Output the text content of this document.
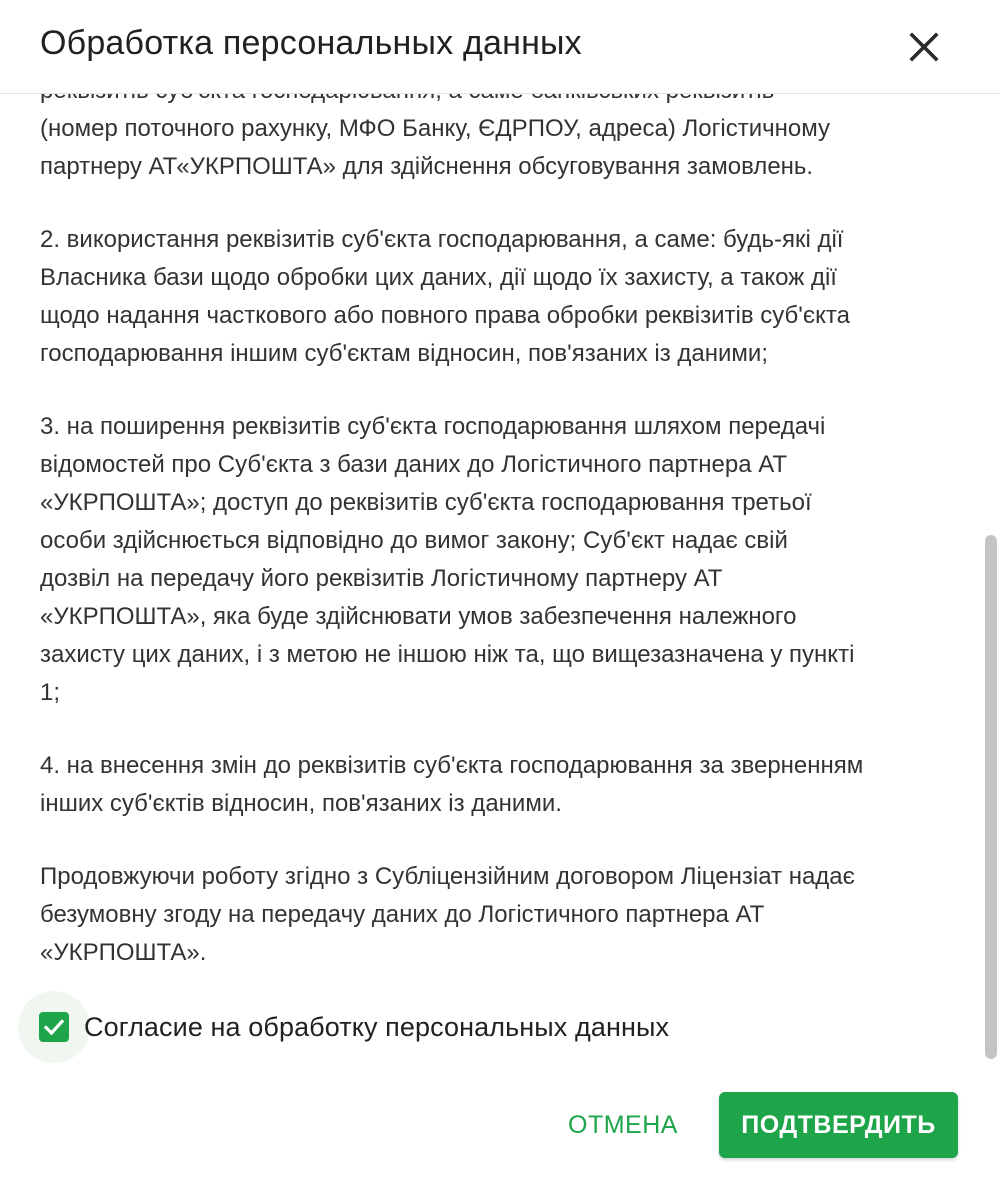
Обработка персональных данных
(номер поточного рахунку, МФО Банку, ЄДРПОУ, адреса) Логістичному
партнеру АТ«УКРПОШТА» для здійснення обсуговування замовлень.
2. використання реквізитів суб'єкта господарювання, а саме: будь-які дії
Власника бази щодо обробки цих даних, дії щодо їх захисту, а також дії
щодо надання часткового або повного права обробки реквізитів суб'єкта
господарювання іншим суб'єктам відносин, пов'язаних із даними;
3. на поширення реквізитів суб'єкта господарювання шляхом передачі
відомостей про Суб'єкта з бази даних до Логістичного партнера АТ
«УКРПОШТА»; доступ до реквізитів суб'єкта господарювання третьої
особи здійснюється відповідно до вимог закону; Суб'єкт надає свій
дозвіл на передачу його реквізитів Логістичному партнеру АТ
«УКРПОШТА», яка буде здійснювати умов забезпечення належного
захисту цих даних, і з метою не іншою ніж та, що вищезазначена у пункті
1;
4. на внесення змін до реквізитів суб'єкта господарювання за зверненням
інших суб'єктів відносин, пов'язаних із даними.
Продовжуючи роботу згідно з Субліцензійним договором Ліцензіат надає
безумовну згоду на передачу даних до Логістичного партнера АТ
«УКРПОШТА».
Согласие на обработку персональных данных
ОТМЕНА	ПОДТВЕРДИТЬ
